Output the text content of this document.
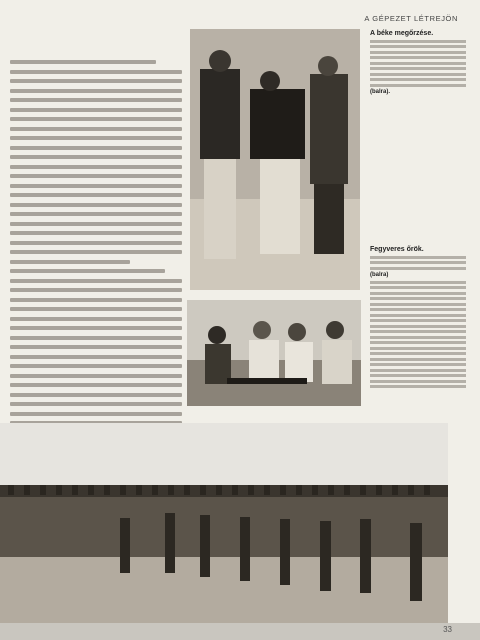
A GÉPEZET LÉTREJÖN
A béke megőrzése.
(balra).
Fegyveres őrök.
(balra)
33
